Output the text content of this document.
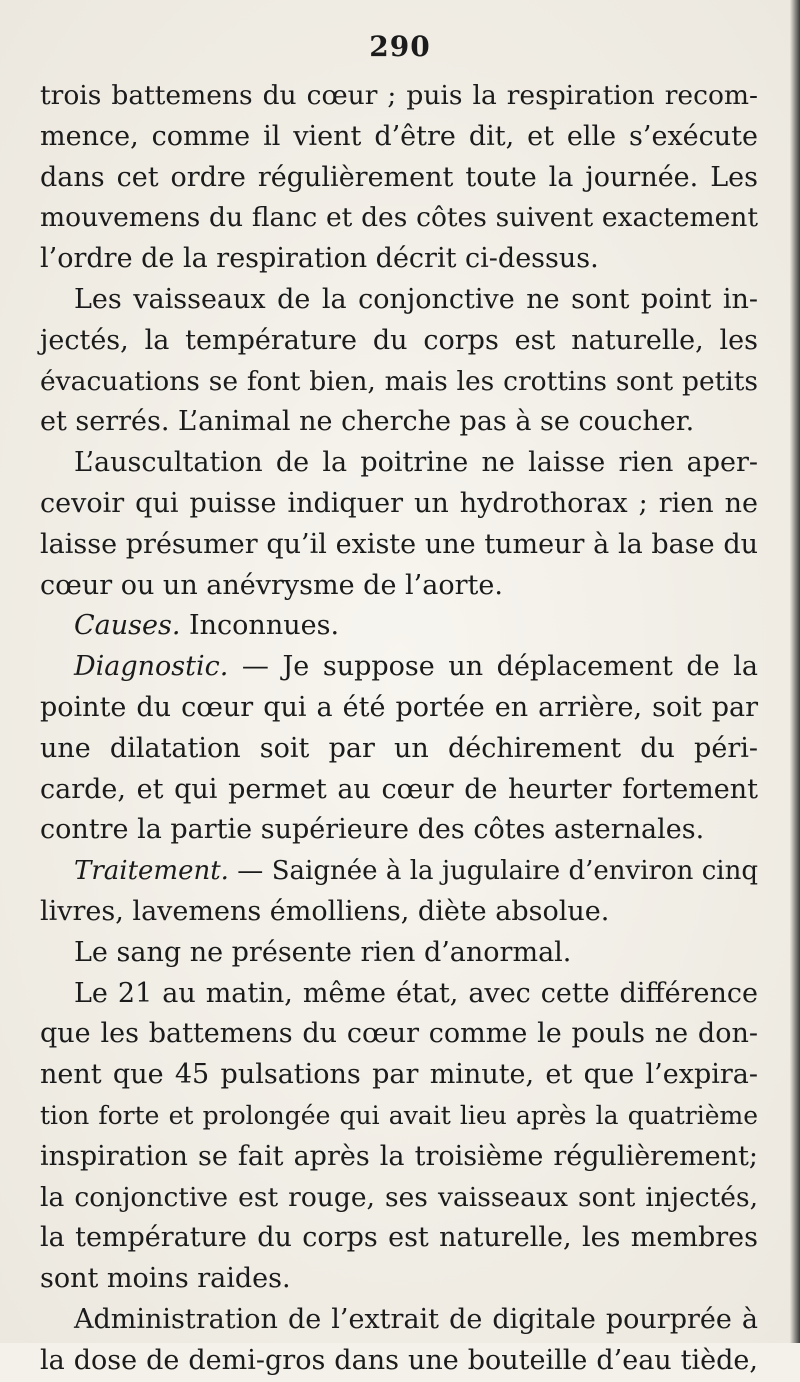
290
trois battemens du cœur ; puis la respiration recom-
mence, comme il vient d’être dit, et elle s’exécute
dans cet ordre régulièrement toute la journée. Les
mouvemens du flanc et des côtes suivent exactement
l’ordre de la respiration décrit ci-dessus.
Les vaisseaux de la conjonctive ne sont point in-
jectés, la température du corps est naturelle, les
évacuations se font bien, mais les crottins sont petits
et serrés. L’animal ne cherche pas à se coucher.
L’auscultation de la poitrine ne laisse rien aper-
cevoir qui puisse indiquer un hydrothorax ; rien ne
laisse présumer qu’il existe une tumeur à la base du
cœur ou un anévrysme de l’aorte.
Causes. Inconnues.
Diagnostic. — Je suppose un déplacement de la
pointe du cœur qui a été portée en arrière, soit par
une dilatation soit par un déchirement du péri-
carde, et qui permet au cœur de heurter fortement
contre la partie supérieure des côtes asternales.
Traitement. — Saignée à la jugulaire d’environ cinq
livres, lavemens émolliens, diète absolue.
Le sang ne présente rien d’anormal.
Le 21 au matin, même état, avec cette différence
que les battemens du cœur comme le pouls ne don-
nent que 45 pulsations par minute, et que l’expira-
tion forte et prolongée qui avait lieu après la quatrième
inspiration se fait après la troisième régulièrement;
la conjonctive est rouge, ses vaisseaux sont injectés,
la température du corps est naturelle, les membres
sont moins raides.
Administration de l’extrait de digitale pourprée à
la dose de demi-gros dans une bouteille d’eau tiède,
